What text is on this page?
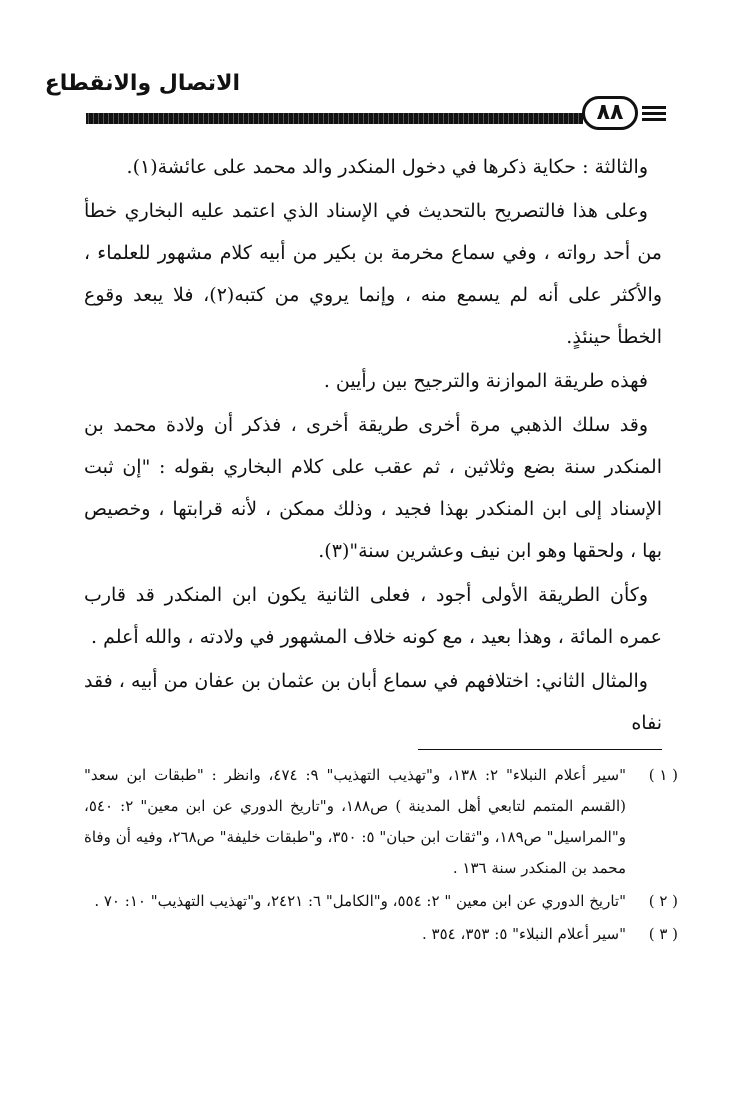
الاتصال والانقطاع
٨٨

والثالثة : حكاية ذكرها في دخول المنكدر والد محمد على عائشة(١).

وعلى هذا فالتصريح بالتحديث في الإسناد الذي اعتمد عليه البخاري خطأ من أحد رواته ، وفي سماع مخرمة بن بكير من أبيه كلام مشهور للعلماء ، والأكثر على أنه لم يسمع منه ، وإنما يروي من كتبه(٢)، فلا يبعد وقوع الخطأ حينئذٍ.

فهذه طريقة الموازنة والترجيح بين رأيين .

وقد سلك الذهبي مرة أخرى طريقة أخرى ، فذكر أن ولادة محمد بن المنكدر سنة بضع وثلاثين ، ثم عقب على كلام البخاري بقوله : "إن ثبت الإسناد إلى ابن المنكدر بهذا فجيد ، وذلك ممكن ، لأنه قرابتها ، وخصيص بها ، ولحقها وهو ابن نيف وعشرين سنة"(٣).

وكأن الطريقة الأولى أجود ، فعلى الثانية يكون ابن المنكدر قد قارب عمره المائة ، وهذا بعيد ، مع كونه خلاف المشهور في ولادته ، والله أعلم .

والمثال الثاني: اختلافهم في سماع أبان بن عثمان بن عفان من أبيه ، فقد نفاه

( ١ )
"سير أعلام النبلاء" ٢: ١٣٨، و"تهذيب التهذيب" ٩: ٤٧٤، وانظر : "طبقات ابن سعد" (القسم المتمم لتابعي أهل المدينة ) ص١٨٨، و"تاريخ الدوري عن ابن معين" ٢: ٥٤٠، و"المراسيل" ص١٨٩، و"ثقات ابن حبان" ٥: ٣٥٠، و"طبقات خليفة" ص٢٦٨، وفيه أن وفاة محمد بن المنكدر سنة ١٣٦ .
( ٢ )
"تاريخ الدوري عن ابن معين " ٢: ٥٥٤، و"الكامل" ٦: ٢٤٢١، و"تهذيب التهذيب" ١٠: ٧٠ .
( ٣ )
"سير أعلام النبلاء" ٥: ٣٥٣، ٣٥٤ .
